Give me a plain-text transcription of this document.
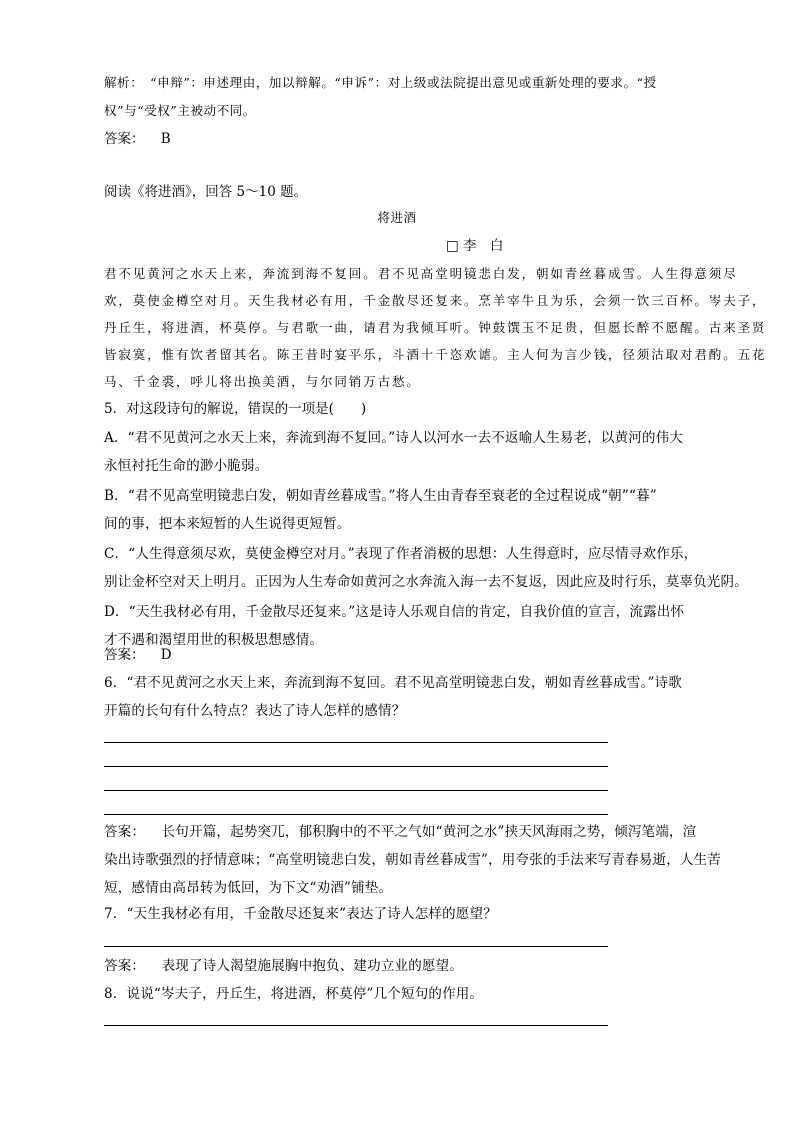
解析：　“申辩”：申述理由，加以辩解。“申诉”：对上级或法院提出意见或重新处理的要求。“授
权”与“受权”主被动不同。
答案： B
阅读《将进酒》，回答 5～10 题。
将进酒
□ 李　白
君不见黄河之水天上来，奔流到海不复回。君不见高堂明镜悲白发，朝如青丝暮成雪。人生得意须尽
欢，莫使金樽空对月。天生我材必有用，千金散尽还复来。烹羊宰牛且为乐，会须一饮三百杯。岑夫子，
丹丘生，将进酒，杯莫停。与君歌一曲，请君为我倾耳听。钟鼓馔玉不足贵，但愿长醉不愿醒。古来圣贤
皆寂寞，惟有饮者留其名。陈王昔时宴平乐，斗酒十千恣欢谑。主人何为言少钱，径须沽取对君酌。五花
马、千金裘，呼儿将出换美酒，与尔同销万古愁。
5．对这段诗句的解说，错误的一项是(　　)
A．“君不见黄河之水天上来，奔流到海不复回。”诗人以河水一去不返喻人生易老，以黄河的伟大
永恒衬托生命的渺小脆弱。
B．“君不见高堂明镜悲白发，朝如青丝暮成雪。”将人生由青春至衰老的全过程说成“朝”“暮”
间的事，把本来短暂的人生说得更短暂。
C．“人生得意须尽欢，莫使金樽空对月。”表现了作者消极的思想：人生得意时，应尽情寻欢作乐，
别让金杯空对天上明月。正因为人生寿命如黄河之水奔流入海一去不复返，因此应及时行乐，莫辜负光阴。
D．“天生我材必有用，千金散尽还复来。”这是诗人乐观自信的肯定，自我价值的宣言，流露出怀
才不遇和渴望用世的积极思想感情。
答案： D
6．“君不见黄河之水天上来，奔流到海不复回。君不见高堂明镜悲白发，朝如青丝暮成雪。”诗歌
开篇的长句有什么特点？表达了诗人怎样的感情？
答案： 长句开篇，起势突兀，郁积胸中的不平之气如“黄河之水”挟天风海雨之势，倾泻笔端，渲
染出诗歌强烈的抒情意味；“高堂明镜悲白发，朝如青丝暮成雪”，用夸张的手法来写青春易逝，人生苦
短，感情由高昂转为低回，为下文“劝酒”铺垫。
7．“天生我材必有用，千金散尽还复来”表达了诗人怎样的愿望？
答案： 表现了诗人渴望施展胸中抱负、建功立业的愿望。
8．说说“岑夫子，丹丘生，将进酒，杯莫停”几个短句的作用。
